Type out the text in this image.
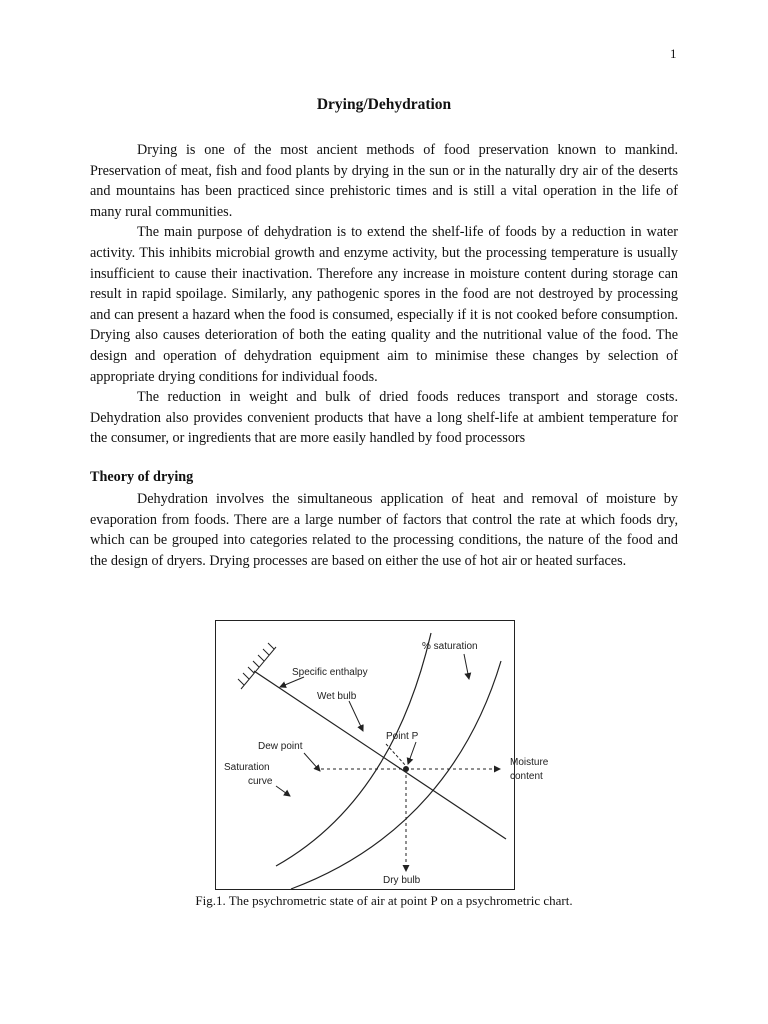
1
Drying/Dehydration

Drying is one of the most ancient methods of food preservation known to mankind. Preservation of meat, fish and food plants by drying in the sun or in the naturally dry air of the deserts and mountains has been practiced since prehistoric times and is still a vital operation in the life of many rural communities.

The main purpose of dehydration is to extend the shelf-life of foods by a reduction in water activity. This inhibits microbial growth and enzyme activity, but the processing temperature is usually insufficient to cause their inactivation. Therefore any increase in moisture content during storage can result in rapid spoilage. Similarly, any pathogenic spores in the food are not destroyed by processing and can present a hazard when the food is consumed, especially if it is not cooked before consumption. Drying also causes deterioration of both the eating quality and the nutritional value of the food. The design and operation of dehydration equipment aim to minimise these changes by selection of appropriate drying conditions for individual foods.

The reduction in weight and bulk of dried foods reduces transport and storage costs. Dehydration also provides convenient products that have a long shelf-life at ambient temperature for the consumer, or ingredients that are more easily handled by food processors

Theory of drying

Dehydration involves the simultaneous application of heat and removal of moisture by evaporation from foods. There are a large number of factors that control the rate at which foods dry, which can be grouped into categories related to the processing conditions, the nature of the food and the design of dryers. Drying processes are based on either the use of hot air or heated surfaces.

% saturation
Specific enthalpy
Wet bulb
Point P
Dew point
Moisture
content
Saturation
curve
Dry bulb
Fig.1. The psychrometric state of air at point P on a psychrometric chart.
